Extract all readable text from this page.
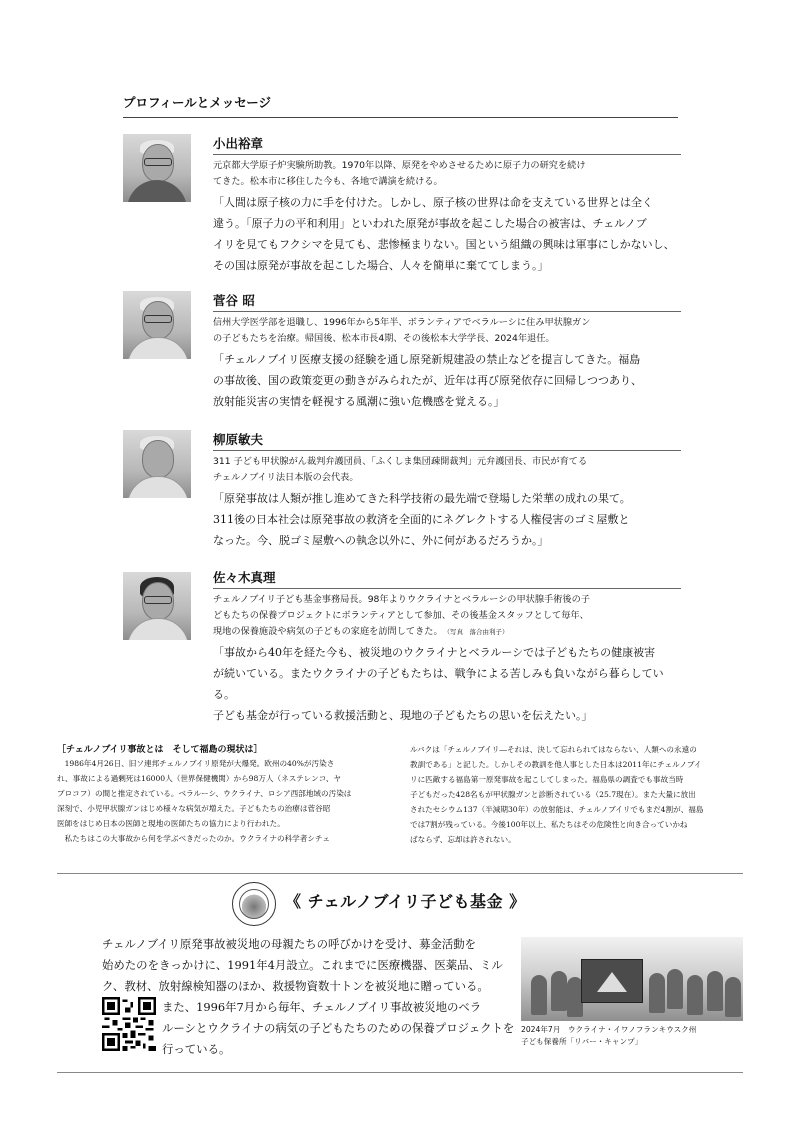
プロフィールとメッセージ
小出裕章
元京都大学原子炉実験所助教。1970年以降、原発をやめさせるために原子力の研究を続け
てきた。松本市に移住した今も、各地で講演を続ける。
「人間は原子核の力に手を付けた。しかし、原子核の世界は命を支えている世界とは全く
違う。「原子力の平和利用」といわれた原発が事故を起こした場合の被害は、チェルノブ
イリを見てもフクシマを見ても、悲惨極まりない。国という組織の興味は軍事にしかないし、
その国は原発が事故を起こした場合、人々を簡単に棄ててしまう。」
菅谷 昭
信州大学医学部を退職し、1996年から5年半、ボランティアでベラルーシに住み甲状腺ガン
の子どもたちを治療。帰国後、松本市長4期、その後松本大学学長、2024年退任。
「チェルノブイリ医療支援の経験を通し原発新規建設の禁止などを提言してきた。福島
の事故後、国の政策変更の動きがみられたが、近年は再び原発依存に回帰しつつあり、
放射能災害の実情を軽視する風潮に強い危機感を覚える。」
柳原敏夫
311 子ども甲状腺がん裁判弁護団員、「ふくしま集団疎開裁判」元弁護団長、市民が育てる
チェルノブイリ法日本版の会代表。
「原発事故は人類が推し進めてきた科学技術の最先端で登場した栄華の成れの果て。
311後の日本社会は原発事故の救済を全面的にネグレクトする人権侵害のゴミ屋敷と
なった。今、脱ゴミ屋敷への執念以外に、外に何があるだろうか。」
佐々木真理
チェルノブイリ子ども基金事務局長。98年よりウクライナとベラルーシの甲状腺手術後の子
どもたちの保養プロジェクトにボランティアとして参加、その後基金スタッフとして毎年、
現地の保養施設や病気の子どもの家庭を訪問してきた。 （写真　落合由利子）
「事故から40年を経た今も、被災地のウクライナとベラルーシでは子どもたちの健康被害
が続いている。またウクライナの子どもたちは、戦争による苦しみも負いながら暮らしている。
子ども基金が行っている救援活動と、現地の子どもたちの思いを伝えたい。」
［チェルノブイリ事故とは　そして福島の現状は］
　1986年4月26日、旧ソ連邦チェルノブイリ原発が大爆発。欧州の40%が汚染さ
れ、事故による過剰死は16000人（世界保健機関）から98万人（ネステレンコ、ヤ
ブロコフ）の間と推定されている。ベラルーシ、ウクライナ、ロシア西部地域の汚染は
深刻で、小児甲状腺ガンはじめ様々な病気が増えた。子どもたちの治療は菅谷昭
医師をはじめ日本の医師と現地の医師たちの協力により行われた。
　私たちはこの大事故から何を学ぶべきだったのか。ウクライナの科学者シチェ
ルバクは「チェルノブイリ―それは、決して忘れられてはならない、人類への永遠の
教訓である」と記した。しかしその教訓を他人事とした日本は2011年にチェルノブイ
リに匹敵する福島第一原発事故を起こしてしまった。福島県の調査でも事故当時
子どもだった428名もが甲状腺ガンと診断されている（25.7現在）。また大量に放出
されたセシウム137（半減期30年）の放射能は、チェルノブイリでもまだ4割が、福島
では7割が残っている。今後100年以上、私たちはその危険性と向き合っていかね
ばならず、忘却は許されない。
《 チェルノブイリ子ども基金 》
チェルノブイリ原発事故被災地の母親たちの呼びかけを受け、募金活動を
始めたのをきっかけに、1991年4月設立。これまでに医療機器、医薬品、ミル
ク、教材、放射線検知器のほか、救援物資数十トンを被災地に贈っている。
また、1996年7月から毎年、チェルノブイリ事故被災地のベラ
ルーシとウクライナの病気の子どもたちのための保養プロジェクトを
行っている。
2024年7月　ウクライナ・イワノフランキウスク州
子ども保養所「リバー・キャンプ」
